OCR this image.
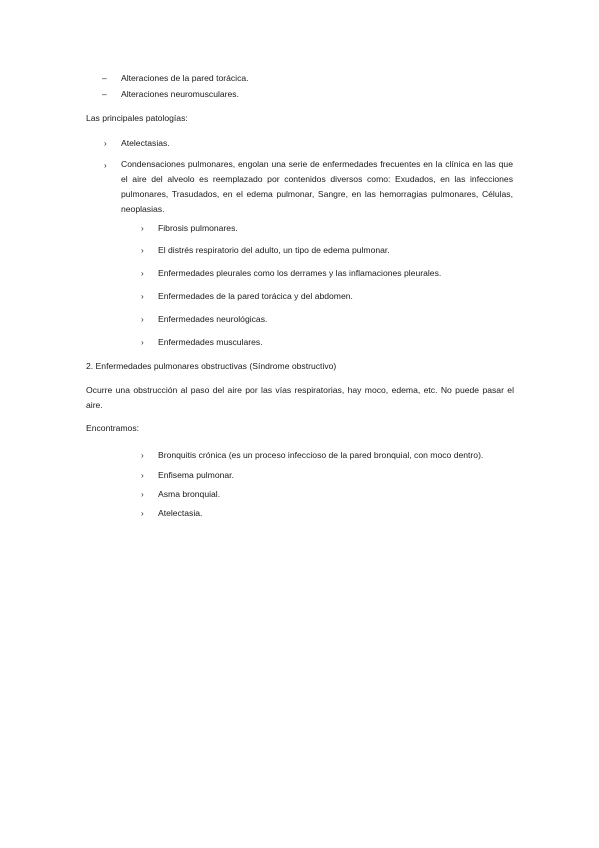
– Alteraciones de la pared torácica.
– Alteraciones neuromusculares.
Las principales patologías:
› Atelectasias.
› Condensaciones pulmonares, engolan una serie de enfermedades frecuentes en la clínica en las que el aire del alveolo es reemplazado por contenidos diversos como: Exudados, en las infecciones pulmonares, Trasudados, en el edema pulmonar, Sangre, en las hemorragias pulmonares, Células, neoplasias.
› Fibrosis pulmonares.
› El distrés respiratorio del adulto, un tipo de edema pulmonar.
› Enfermedades pleurales como los derrames y las inflamaciones pleurales.
› Enfermedades de la pared torácica y del abdomen.
› Enfermedades neurológicas.
› Enfermedades musculares.
2. Enfermedades pulmonares obstructivas (Síndrome obstructivo)
Ocurre una obstrucción al paso del aire por las vías respiratorias, hay moco, edema, etc. No puede pasar el aire.
Encontramos:
› Bronquitis crónica (es un proceso infeccioso de la pared bronquial, con moco dentro).
› Enfisema pulmonar.
› Asma bronquial.
› Atelectasia.
